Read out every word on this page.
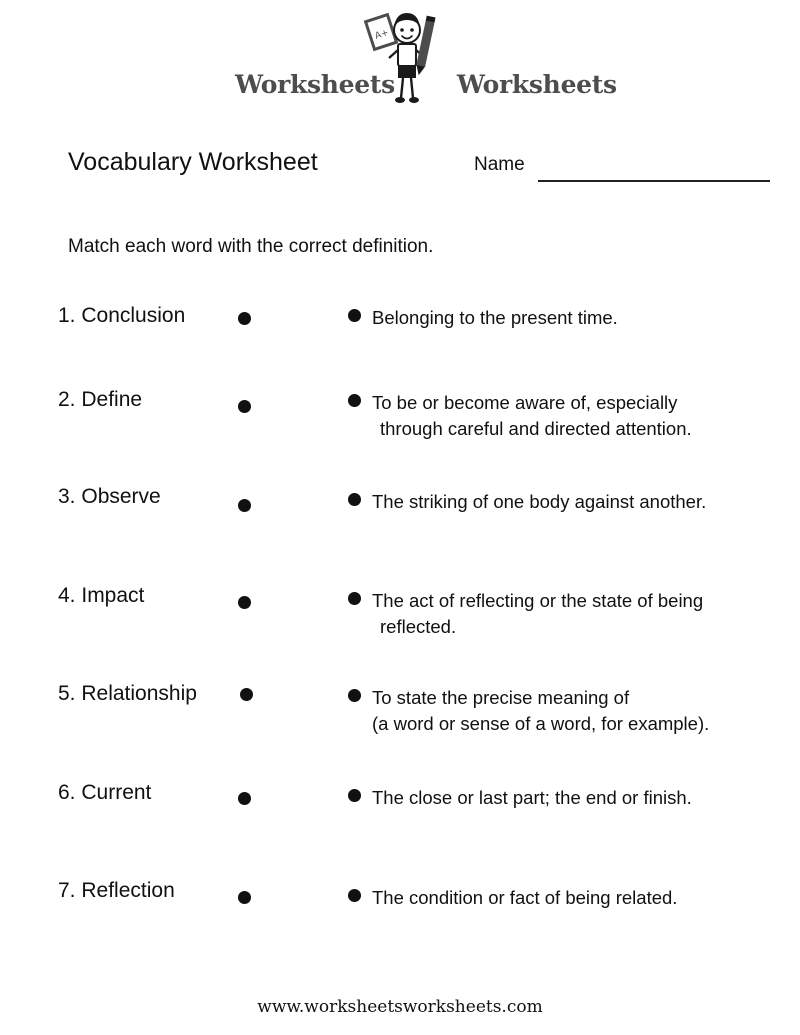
A+
Worksheets Worksheets
Vocabulary Worksheet	Name
Match each word with the correct definition.
1. Conclusion	Belonging to the present time.
2. Define	To be or become aware of, especially
through careful and directed attention.
3. Observe	The striking of one body against another.
4. Impact	The act of reflecting or the state of being
reflected.
5. Relationship	To state the precise meaning of
(a word or sense of a word, for example).
6. Current	The close or last part; the end or finish.
7. Reflection	The condition or fact of being related.
www.worksheetsworksheets.com
